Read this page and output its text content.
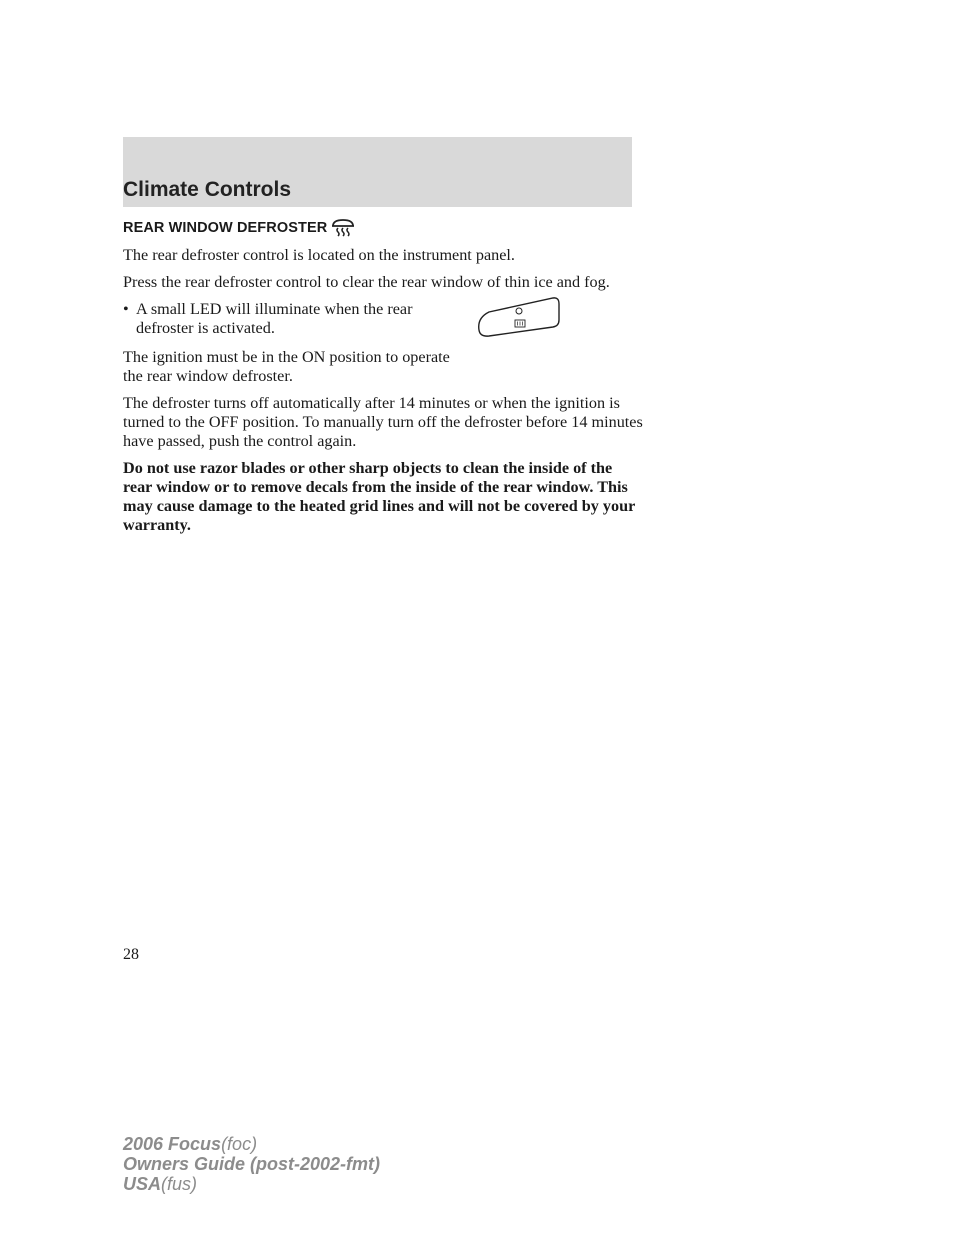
Climate Controls
REAR WINDOW DEFROSTER

The rear defroster control is located on the instrument panel.

Press the rear defroster control to clear the rear window of thin ice and fog.

• A small LED will illuminate when the rear defroster is activated.

The ignition must be in the ON position to operate the rear window defroster.

The defroster turns off automatically after 14 minutes or when the ignition is turned to the OFF position. To manually turn off the defroster before 14 minutes have passed, push the control again.

Do not use razor blades or other sharp objects to clean the inside of the rear window or to remove decals from the inside of the rear window. This may cause damage to the heated grid lines and will not be covered by your warranty.

28
2006 Focus(foc)
Owners Guide (post-2002-fmt)
USA(fus)
